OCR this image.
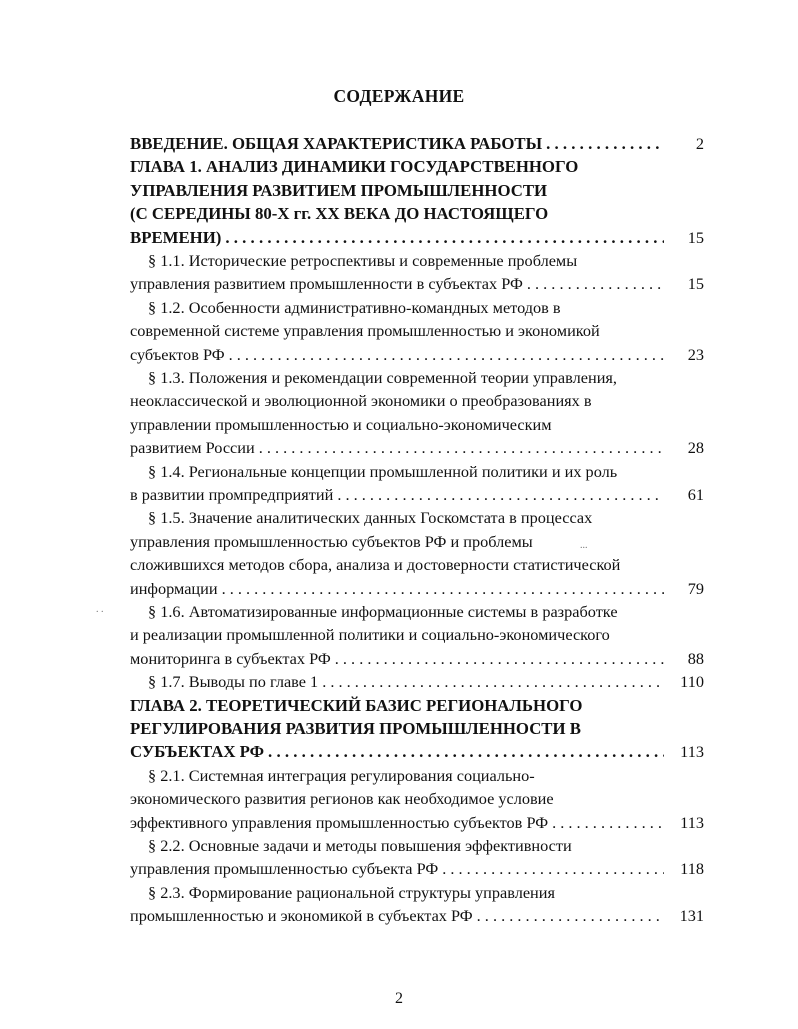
СОДЕРЖАНИЕ
ВВЕДЕНИЕ. ОБЩАЯ ХАРАКТЕРИСТИКА РАБОТЫ . . .	2
ГЛАВА 1. АНАЛИЗ ДИНАМИКИ ГОСУДАРСТВЕННОГО
УПРАВЛЕНИЯ РАЗВИТИЕМ ПРОМЫШЛЕННОСТИ
(С СЕРЕДИНЫ 80-Х гг. XX ВЕКА ДО НАСТОЯЩЕГО
ВРЕМЕНИ) . . .	15
§ 1.1. Исторические ретроспективы и современные проблемы
управления развитием промышленности в субъектах РФ . . .	15
§ 1.2. Особенности административно-командных методов в
современной системе управления промышленностью и экономикой
субъектов РФ . . .	23
§ 1.3. Положения и рекомендации современной теории управления,
неоклассической и эволюционной экономики о преобразованиях в
управлении промышленностью и социально-экономическим
развитием России . . .	28
§ 1.4. Региональные концепции промышленной политики и их роль
в развитии промпредприятий . . .	61
§ 1.5. Значение аналитических данных Госкомстата в процессах
управления промышленностью субъектов РФ и проблемы
сложившихся методов сбора, анализа и достоверности статистической
информации . . .	79
§ 1.6. Автоматизированные информационные системы в разработке
и реализации промышленной политики и социально-экономического
мониторинга в субъектах РФ . . .	88
§ 1.7. Выводы по главе 1 . . .	110
ГЛАВА 2. ТЕОРЕТИЧЕСКИЙ БАЗИС РЕГИОНАЛЬНОГО
РЕГУЛИРОВАНИЯ РАЗВИТИЯ ПРОМЫШЛЕННОСТИ В
СУБЪЕКТАХ РФ . . .	113
§ 2.1. Системная интеграция регулирования социально-
экономического развития регионов как необходимое условие
эффективного управления промышленностью субъектов РФ . . .	113
§ 2.2. Основные задачи и методы повышения эффективности
управления промышленностью субъекта РФ . . .	118
§ 2.3. Формирование рациональной структуры управления
промышленностью и экономикой в субъектах РФ . . .	131
. .
...
2
